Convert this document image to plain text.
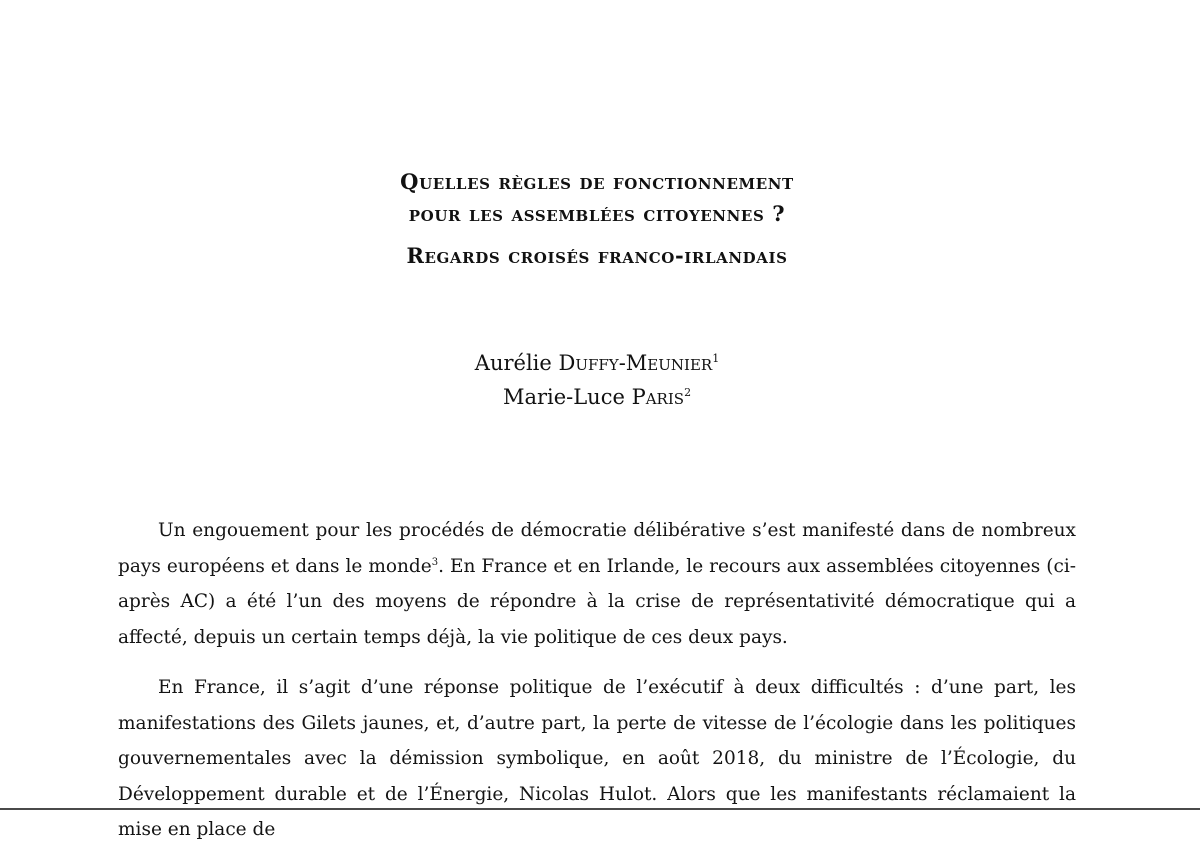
Quelles règles de fonctionnement
pour les assemblées citoyennes ?
Regards croisés franco-irlandais
Aurélie Duffy-Meunier$^1$
Marie-Luce Paris$^2$

Un engouement pour les procédés de démocratie délibérative s’est manifesté dans de nombreux pays européens et dans le monde$^3$. En France et en Irlande, le recours aux assemblées citoyennes (ci-après AC) a été l’un des moyens de répondre à la crise de représentativité démocratique qui a affecté, depuis un certain temps déjà, la vie politique de ces deux pays.

En France, il s’agit d’une réponse politique de l’exécutif à deux difficultés : d’une part, les manifestations des Gilets jaunes, et, d’autre part, la perte de vitesse de l’écologie dans les politiques gouvernementales avec la démission symbolique, en août 2018, du ministre de l’Écologie, du Développement durable et de l’Énergie, Nicolas Hulot. Alors que les manifestants réclamaient la mise en place de
